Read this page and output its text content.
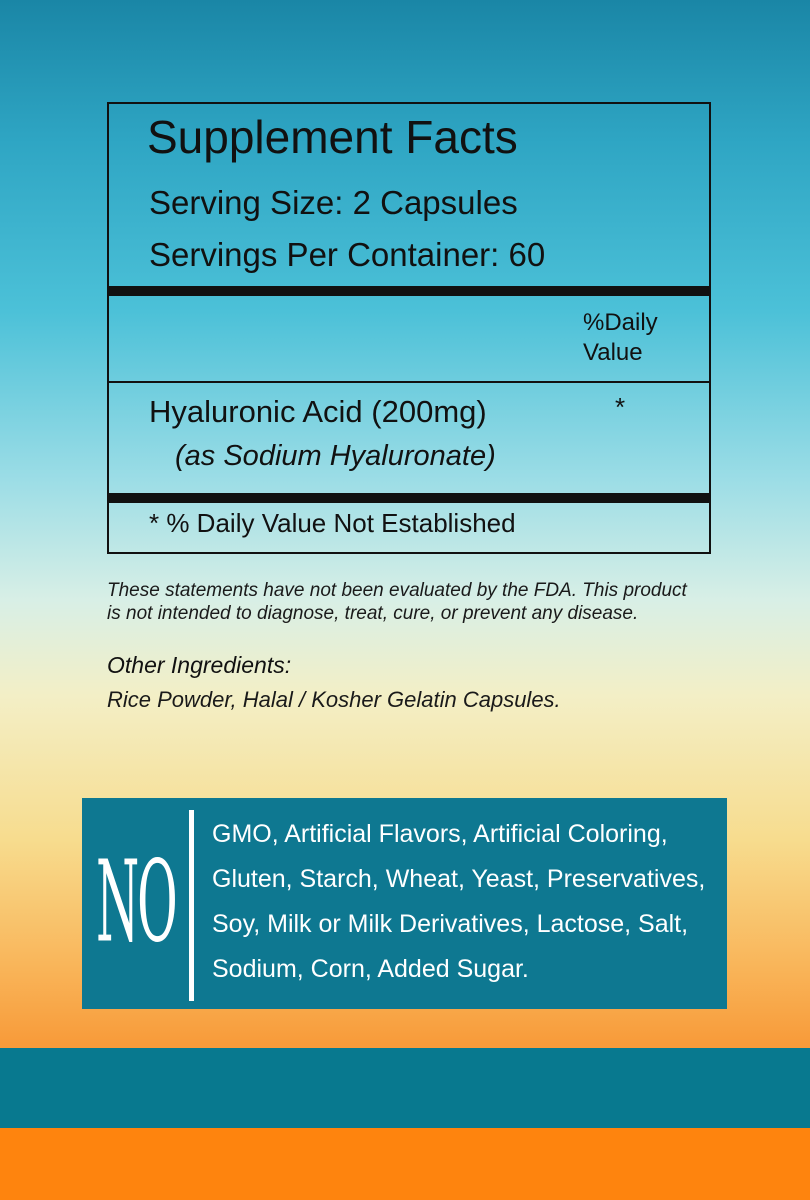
Supplement Facts
Serving Size: 2 Capsules
Servings Per Container: 60
%Daily
Value
Hyaluronic Acid (200mg)	*
(as Sodium Hyaluronate)
* % Daily Value Not Established
These statements have not been evaluated by the FDA. This product
is not intended to diagnose, treat, cure, or prevent any disease.
Other Ingredients:
Rice Powder, Halal / Kosher Gelatin Capsules.
NO
GMO, Artificial Flavors, Artificial Coloring,
Gluten, Starch, Wheat, Yeast, Preservatives,
Soy, Milk or Milk Derivatives, Lactose, Salt,
Sodium, Corn, Added Sugar.
